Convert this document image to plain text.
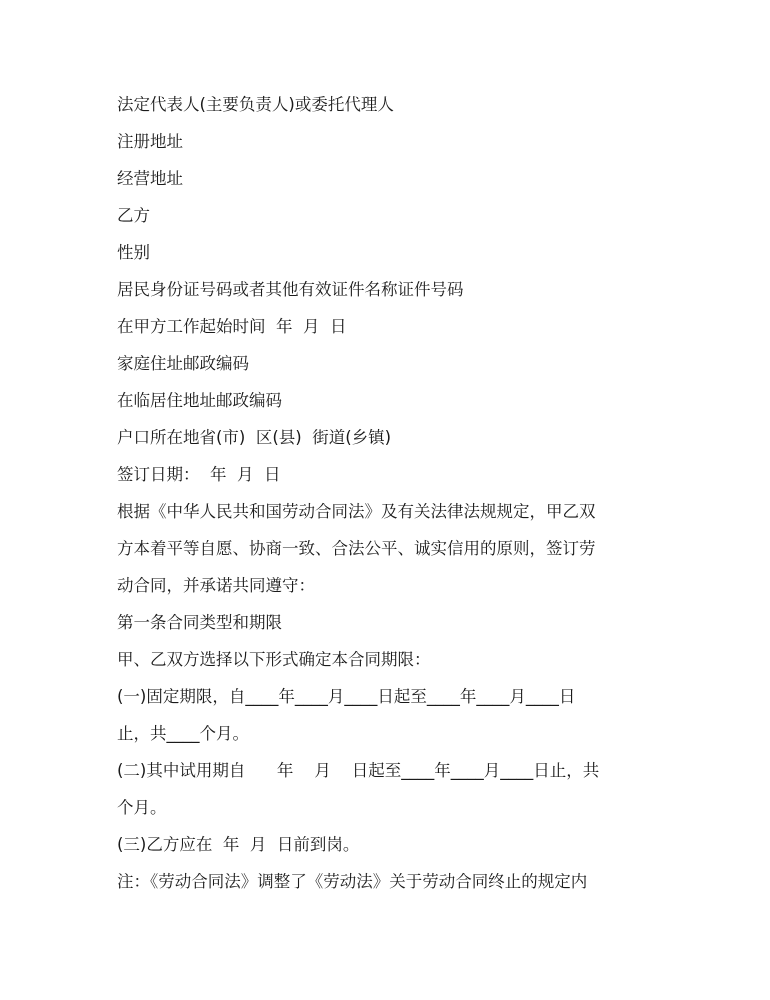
法定代表人(主要负责人)或委托代理人

注册地址

经营地址

乙方

性别

居民身份证号码或者其他有效证件名称证件号码

在甲方工作起始时间  年  月  日

家庭住址邮政编码

在临居住地址邮政编码

户口所在地省(市)  区(县)  街道(乡镇)

签订日期：  年  月  日

根据《中华人民共和国劳动合同法》及有关法律法规规定，甲乙双

方本着平等自愿、协商一致、合法公平、诚实信用的原则，签订劳

动合同，并承诺共同遵守：

第一条合同类型和期限

甲、乙双方选择以下形式确定本合同期限：

(一)固定期限，自____年____月____日起至____年____月____日

止，共____个月。

(二)其中试用期自      年    月    日起至____年____月____日止，共

个月。

(三)乙方应在  年  月  日前到岗。

注：《劳动合同法》调整了《劳动法》关于劳动合同终止的规定内
